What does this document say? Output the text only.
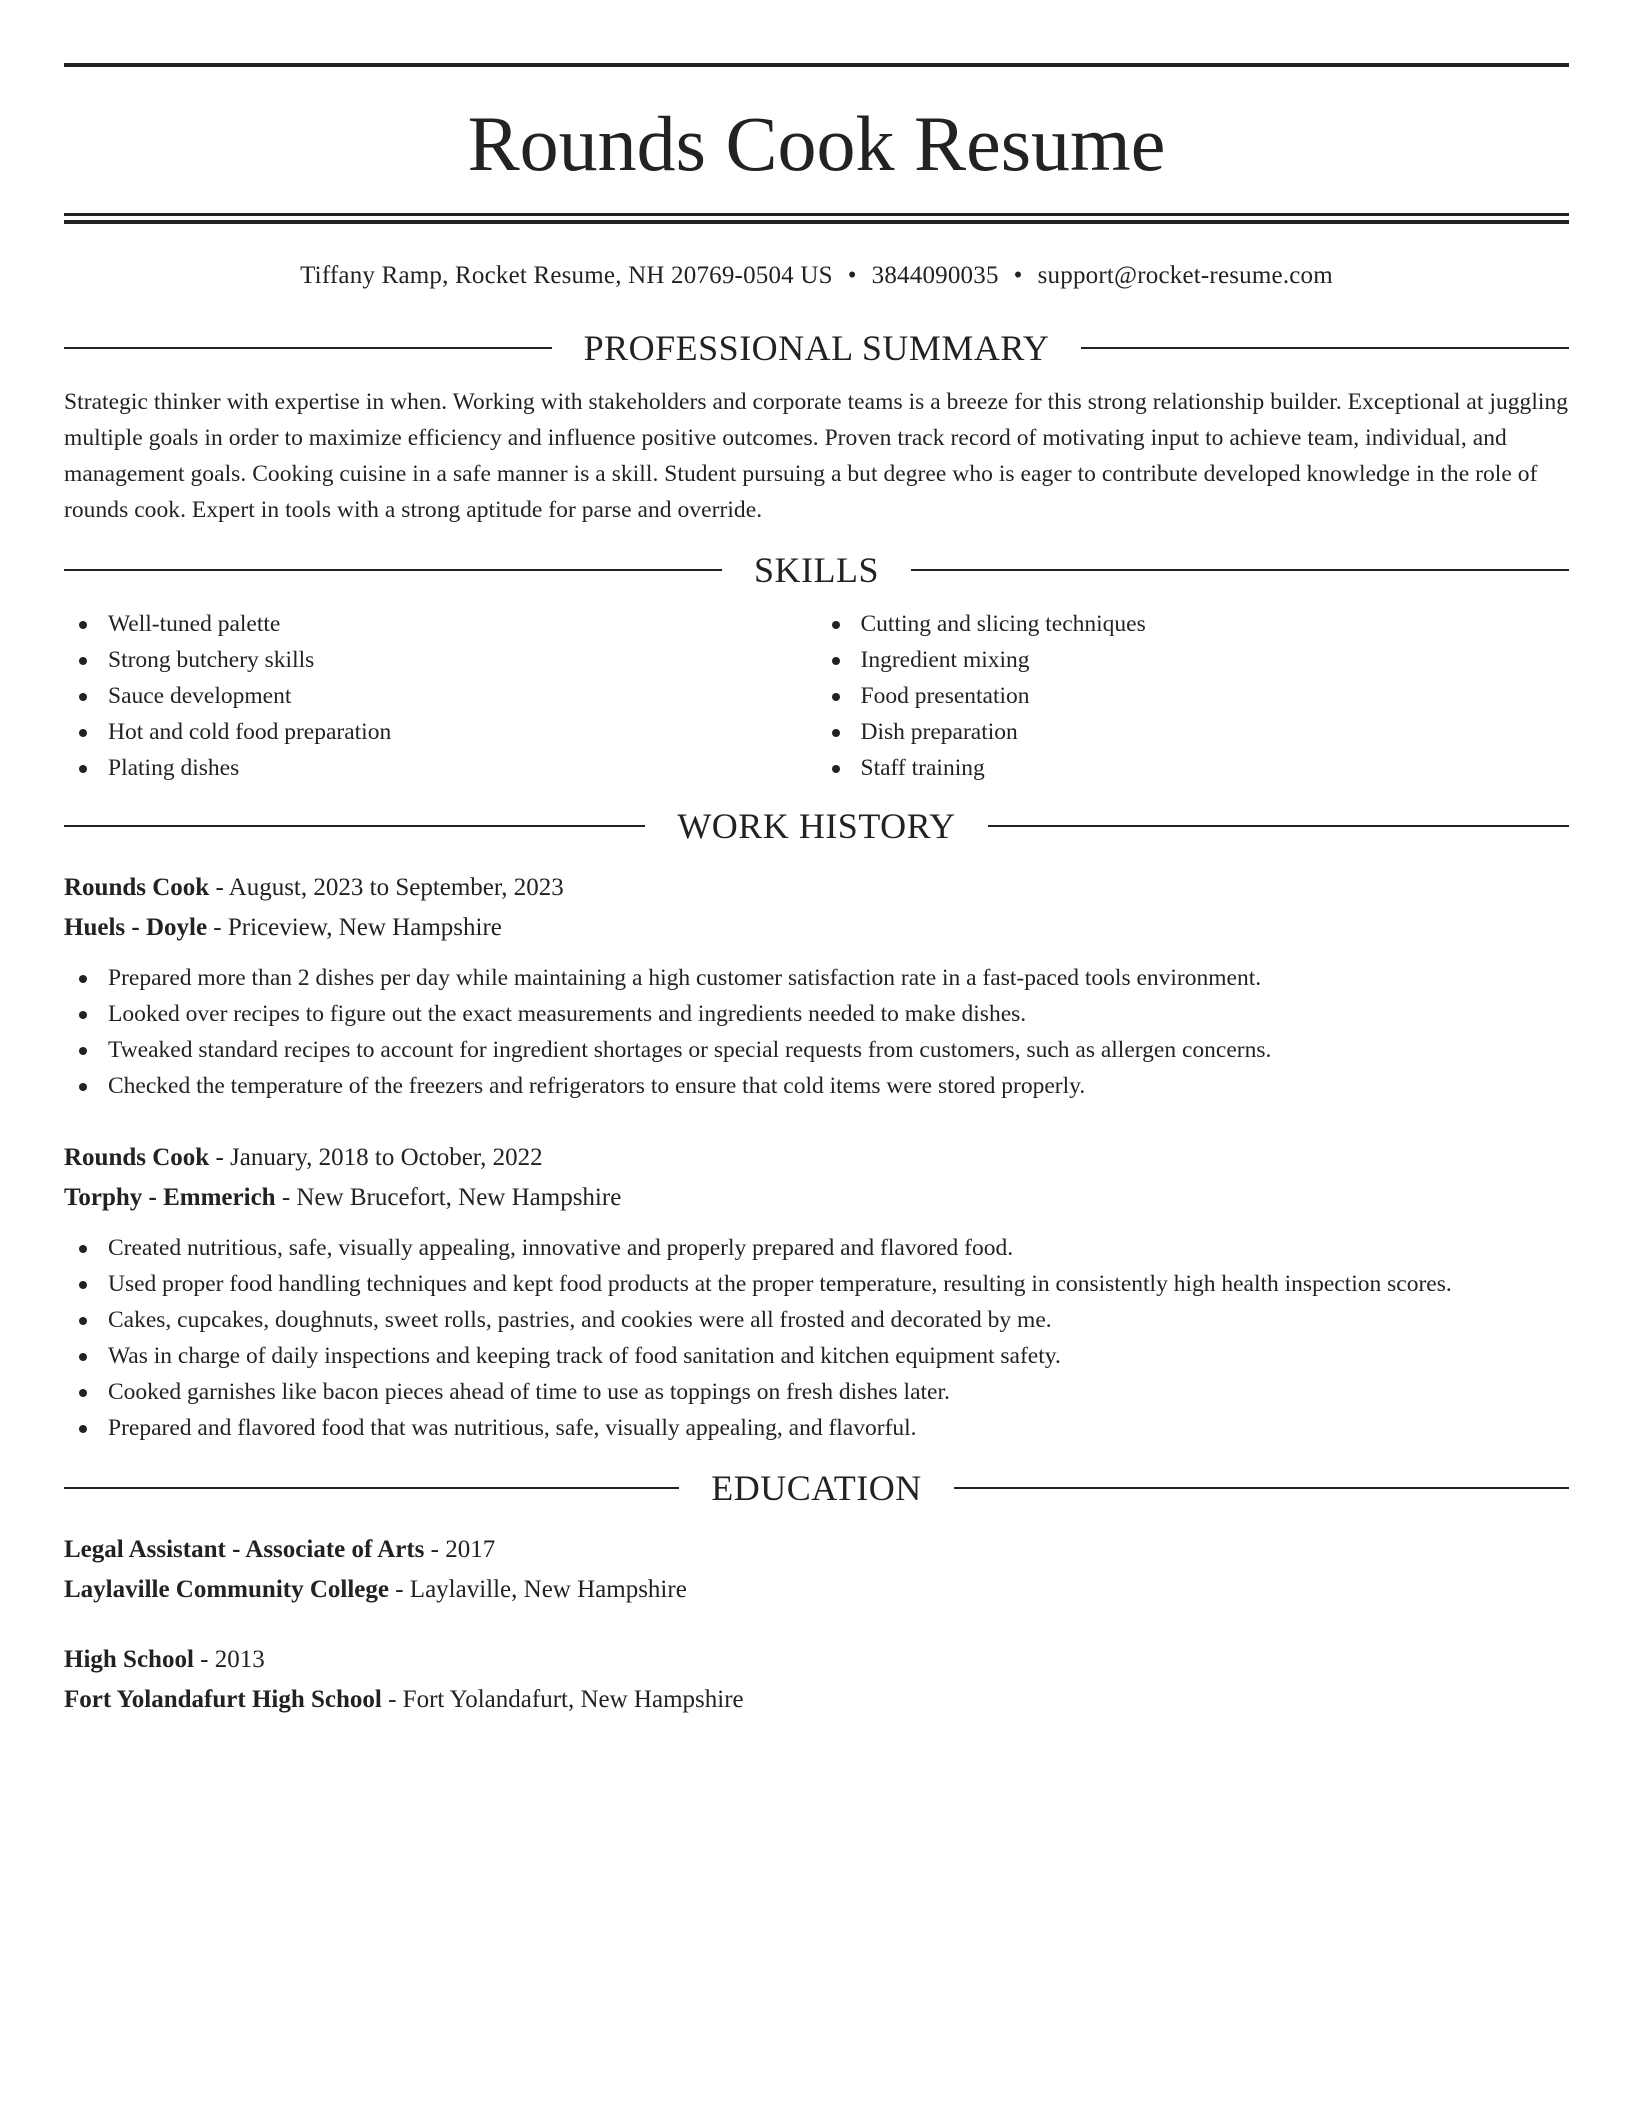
Rounds Cook Resume
Tiffany Ramp, Rocket Resume, NH 20769-0504 US • 3844090035 • support@rocket-resume.com
PROFESSIONAL SUMMARY

Strategic thinker with expertise in when. Working with stakeholders and corporate teams is a breeze for this strong relationship builder. Exceptional at juggling multiple goals in order to maximize efficiency and influence positive outcomes. Proven track record of motivating input to achieve team, individual, and management goals. Cooking cuisine in a safe manner is a skill. Student pursuing a but degree who is eager to contribute developed knowledge in the role of rounds cook. Expert in tools with a strong aptitude for parse and override.

SKILLS
Well-tuned palette
Strong butchery skills
Sauce development
Hot and cold food preparation
Plating dishes
Cutting and slicing techniques
Ingredient mixing
Food presentation
Dish preparation
Staff training
WORK HISTORY
Rounds Cook - August, 2023 to September, 2023
Huels - Doyle - Priceview, New Hampshire
Prepared more than 2 dishes per day while maintaining a high customer satisfaction rate in a fast-paced tools environment.
Looked over recipes to figure out the exact measurements and ingredients needed to make dishes.
Tweaked standard recipes to account for ingredient shortages or special requests from customers, such as allergen concerns.
Checked the temperature of the freezers and refrigerators to ensure that cold items were stored properly.
Rounds Cook - January, 2018 to October, 2022
Torphy - Emmerich - New Brucefort, New Hampshire
Created nutritious, safe, visually appealing, innovative and properly prepared and flavored food.
Used proper food handling techniques and kept food products at the proper temperature, resulting in consistently high health inspection scores.
Cakes, cupcakes, doughnuts, sweet rolls, pastries, and cookies were all frosted and decorated by me.
Was in charge of daily inspections and keeping track of food sanitation and kitchen equipment safety.
Cooked garnishes like bacon pieces ahead of time to use as toppings on fresh dishes later.
Prepared and flavored food that was nutritious, safe, visually appealing, and flavorful.
EDUCATION
Legal Assistant - Associate of Arts - 2017
Laylaville Community College - Laylaville, New Hampshire
High School - 2013
Fort Yolandafurt High School - Fort Yolandafurt, New Hampshire
